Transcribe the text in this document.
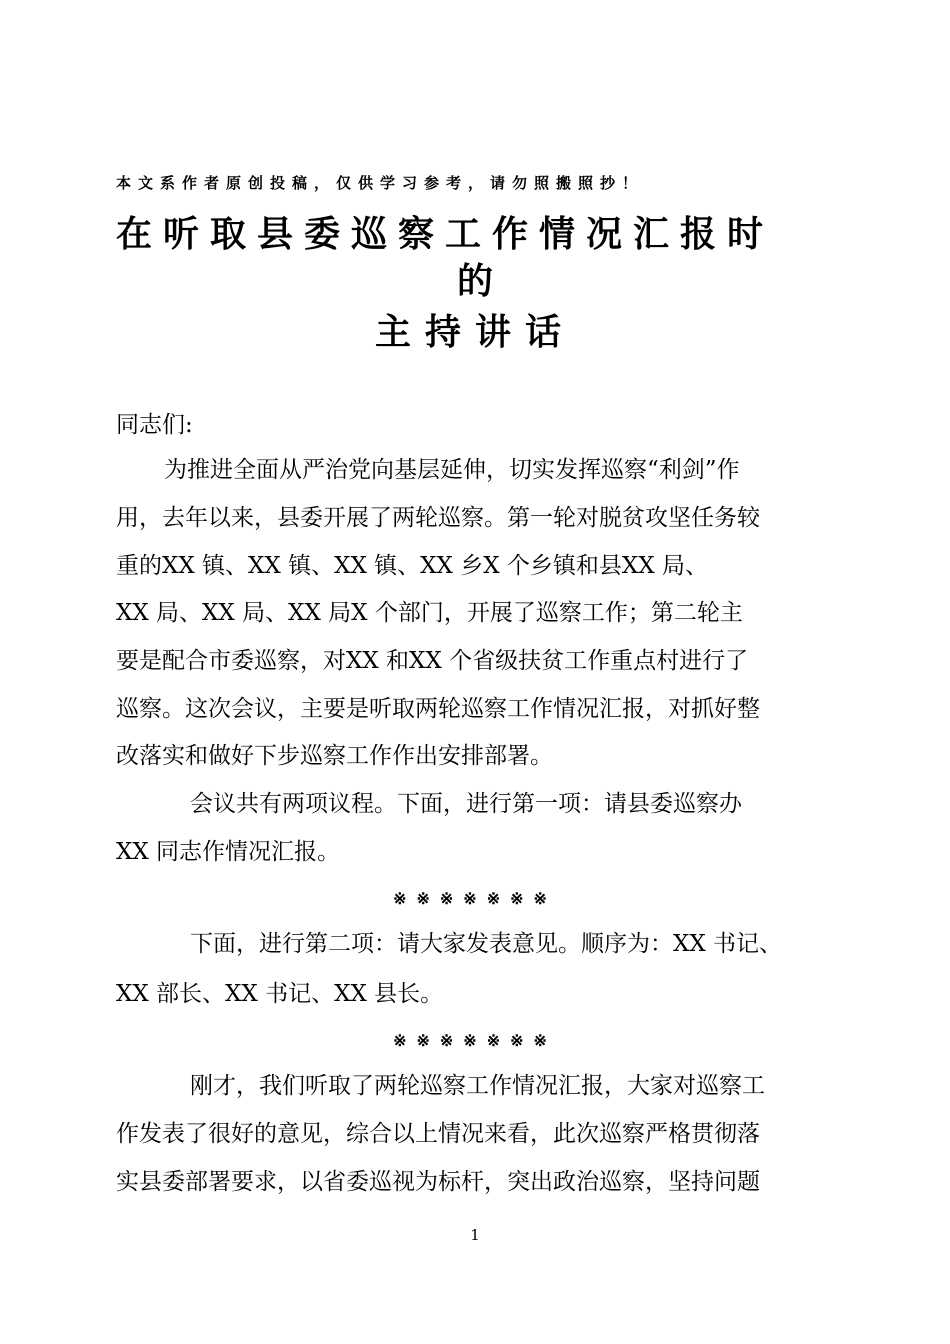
本文系作者原创投稿，仅供学习参考，请勿照搬照抄！
在听取县委巡察工作情况汇报时
的
主持讲话
同志们:
为推进全面从严治党向基层延伸，切实发挥巡察“利剑”作
用，去年以来，县委开展了两轮巡察。第一轮对脱贫攻坚任务较
重的XX 镇、XX 镇、XX 镇、XX 乡X 个乡镇和县XX 局、
XX 局、XX 局、XX 局X 个部门，开展了巡察工作；第二轮主
要是配合市委巡察，对XX 和XX 个省级扶贫工作重点村进行了
巡察。这次会议，主要是听取两轮巡察工作情况汇报，对抓好整
改落实和做好下步巡察工作作出安排部署。
会议共有两项议程。下面，进行第一项：请县委巡察办
XX 同志作情况汇报。
※※※※※※※
下面，进行第二项：请大家发表意见。顺序为：XX 书记、
XX 部长、XX 书记、XX 县长。
※※※※※※※
刚才，我们听取了两轮巡察工作情况汇报，大家对巡察工
作发表了很好的意见，综合以上情况来看，此次巡察严格贯彻落
实县委部署要求，以省委巡视为标杆，突出政治巡察，坚持问题
1
